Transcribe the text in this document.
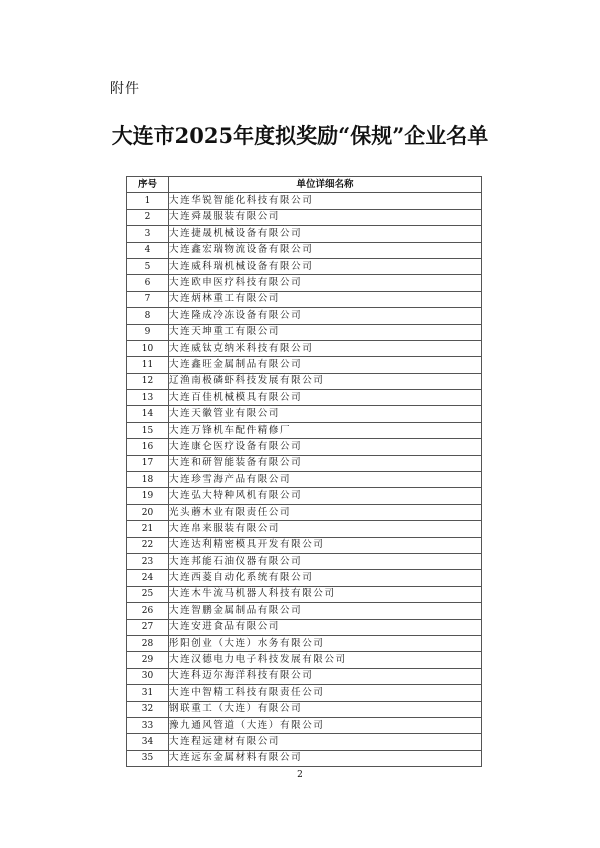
附件
大连市2025年度拟奖励“保规”企业名单
序号	单位详细名称
1	大连华锐智能化科技有限公司
2	大连舜晟服装有限公司
3	大连捷晟机械设备有限公司
4	大连鑫宏瑞物流设备有限公司
5	大连威科瑞机械设备有限公司
6	大连欧申医疗科技有限公司
7	大连炳林重工有限公司
8	大连隆成冷冻设备有限公司
9	大连天坤重工有限公司
10	大连威钛克纳米科技有限公司
11	大连鑫旺金属制品有限公司
12	辽渔南极磷虾科技发展有限公司
13	大连百佳机械模具有限公司
14	大连天徽管业有限公司
15	大连万锋机车配件精修厂
16	大连康仑医疗设备有限公司
17	大连和研智能装备有限公司
18	大连珍雪海产品有限公司
19	大连弘大特种风机有限公司
20	光头蘑木业有限责任公司
21	大连帛来服装有限公司
22	大连达利精密模具开发有限公司
23	大连邦能石油仪器有限公司
24	大连西菱自动化系统有限公司
25	大连木牛流马机器人科技有限公司
26	大连智鹏金属制品有限公司
27	大连安进食品有限公司
28	彤阳创业（大连）水务有限公司
29	大连汉德电力电子科技发展有限公司
30	大连科迈尔海洋科技有限公司
31	大连中智精工科技有限责任公司
32	钢联重工（大连）有限公司
33	豫九通风管道（大连）有限公司
34	大连程远建材有限公司
35	大连远东金属材料有限公司
2
